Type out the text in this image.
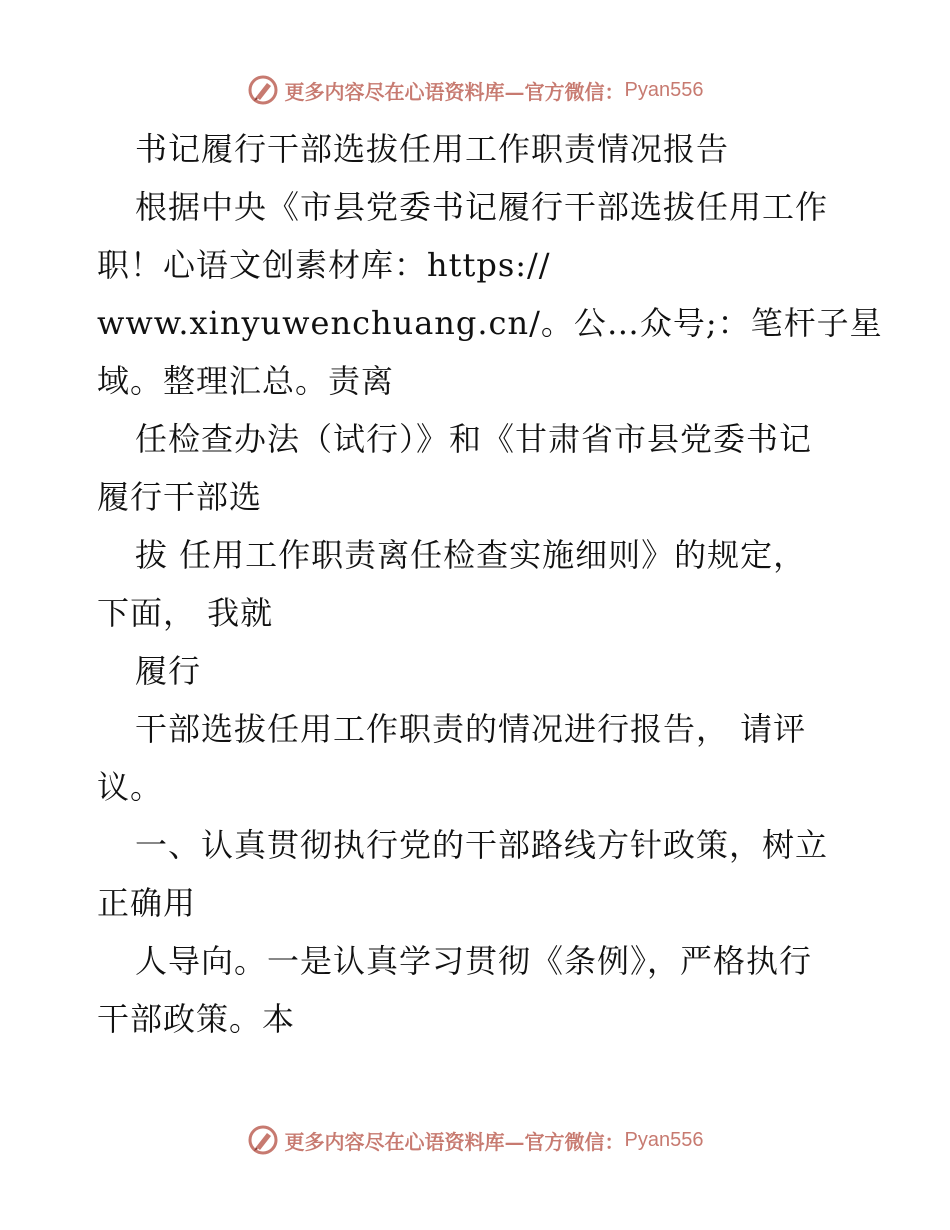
更多内容尽在心语资料库—官方微信： Pyan556
书记履行干部选拔任用工作职责情况报告
根据中央《市县党委书记履行干部选拔任用工作
职！心语文创素材库：https://
www.xinyuwenchuang.cn/。公…众号;：笔杆子星
域。整理汇总。责离
任检查办法（试行）》和《甘肃省市县党委书记
履行干部选
拔 任用工作职责离任检查实施细则》的规定，
下面， 我就
履行
干部选拔任用工作职责的情况进行报告， 请评
议。
一、认真贯彻执行党的干部路线方针政策，树立
正确用
人导向。一是认真学习贯彻《条例》，严格执行
干部政策。本
更多内容尽在心语资料库—官方微信： Pyan556
